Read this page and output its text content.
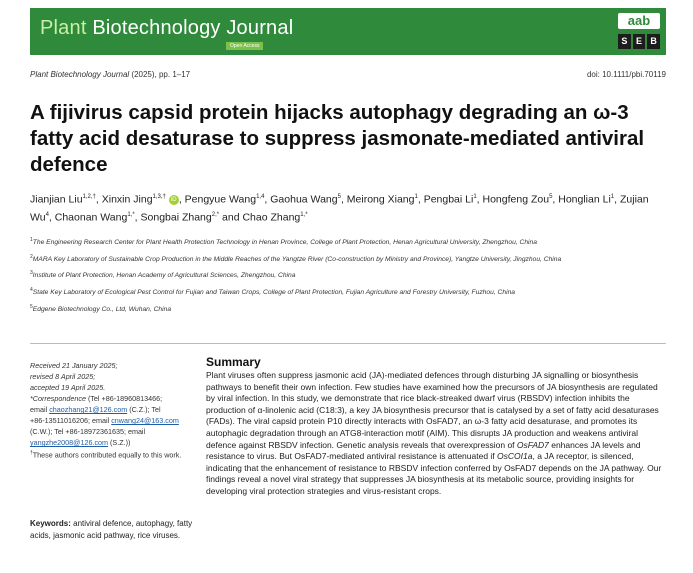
Plant Biotechnology Journal
Open Access
aab
S E B
Plant Biotechnology Journal (2025), pp. 1–17	doi: 10.1111/pbi.70119
A fijivirus capsid protein hijacks autophagy degrading an ω-3 fatty acid desaturase to suppress jasmonate-mediated antiviral defence
Jianjian Liu$^{1,2,\dagger}$, Xinxin Jing$^{1,3,\dagger}$ iD , Pengyue Wang$^{1,4}$, Gaohua Wang$^5$, Meirong Xiang$^1$, Pengbai Li$^1$, Hongfeng Zou$^5$, Honglian Li$^1$, Zujian Wu$^4$, Chaonan Wang$^{1,*}$, Songbai Zhang$^{2,*}$ and Chao Zhang$^{1,*}$

$^1$The Engineering Research Center for Plant Health Protection Technology in Henan Province, College of Plant Protection, Henan Agricultural University, Zhengzhou, China

$^2$MARA Key Laboratory of Sustainable Crop Production in the Middle Reaches of the Yangtze River (Co-construction by Ministry and Province), Yangtze University, Jingzhou, China

$^3$Institute of Plant Protection, Henan Academy of Agricultural Sciences, Zhengzhou, China

$^4$State Key Laboratory of Ecological Pest Control for Fujian and Taiwan Crops, College of Plant Protection, Fujian Agriculture and Forestry University, Fuzhou, China

$^5$Edgene Biotechnology Co., Ltd, Wuhan, China

Received 21 January 2025;
revised 8 April 2025;
accepted 19 April 2025.
*Correspondence (Tel +86-18960813466;
email chaozhang21@126.com (C.Z.); Tel
+86-13511016206; email cnwang24@163.com (C.W.); Tel +86-18972361635; email
yangzhe2008@126.com (S.Z.))
†These authors contributed equally to this work.
Keywords: antiviral defence, autophagy, fatty acids, jasmonic acid pathway, rice viruses.
Summary

Plant viruses often suppress jasmonic acid (JA)-mediated defences through disturbing JA signalling or biosynthesis pathways to benefit their own infection. Few studies have examined how the precursors of JA biosynthesis are regulated by viral infection. In this study, we demonstrate that rice black-streaked dwarf virus (RBSDV) infection inhibits the production of α-linolenic acid (C18:3), a key JA biosynthesis precursor that is catalysed by a set of fatty acid desaturases (FADs). The viral capsid protein P10 directly interacts with OsFAD7, an ω-3 fatty acid desaturase, and promotes its autophagic degradation through an ATG8-interaction motif (AIM). This disrupts JA production and weakens antiviral defence against RBSDV infection. Genetic analysis reveals that overexpression of OsFAD7 enhances JA levels and resistance to virus. But OsFAD7-mediated antiviral resistance is attenuated if OsCOI1a, a JA receptor, is silenced, indicating that the enhancement of resistance to RBSDV infection conferred by OsFAD7 depends on the JA pathway. Our findings reveal a novel viral strategy that suppresses JA biosynthesis at its metabolic source, providing insights for developing viral protection strategies and virus-resistant crops.
